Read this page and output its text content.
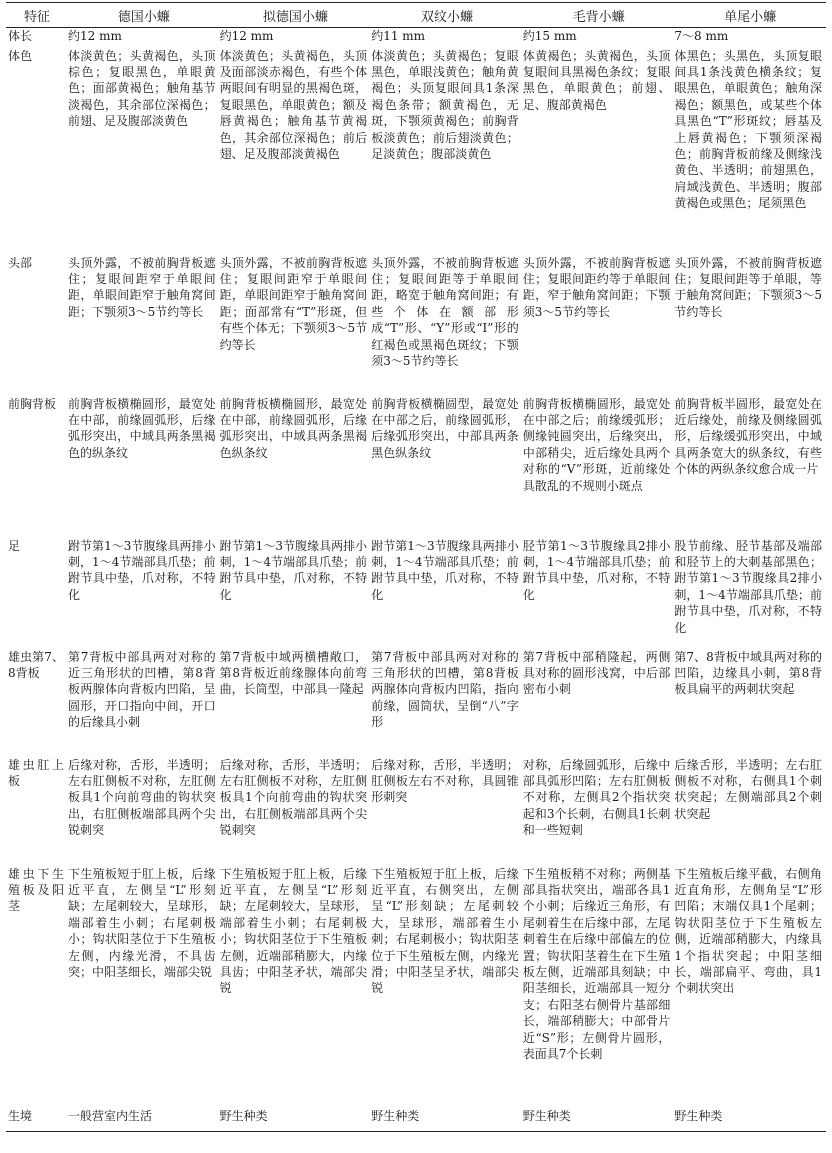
特征	德国小蠊	拟德国小蠊	双纹小蠊	毛背小蠊	单尾小蠊
体长	约12 mm	约12 mm	约11 mm	约15 mm	7～8 mm
体色	体淡黄色；头黄褐色，头顶棕色；复眼黑色，单眼黄色；面部黄褐色；触角基节淡褐色，其余部位深褐色；前翅、足及腹部淡黄色	体淡黄色；头黄褐色，头顶及面部淡赤褐色，有些个体两眼间有明显的黑褐色斑，复眼黑色，单眼黄色；额及唇黄褐色；触角基节黄褐色，其余部位深褐色；前后翅、足及腹部淡黄褐色	体淡黄色；头黄褐色；复眼黑色，单眼浅黄色；触角黄褐色；头顶复眼间具1条深褐色条带；额黄褐色，无斑，下颚须黄褐色；前胸背板淡黄色；前后翅淡黄色；足淡黄色；腹部淡黄色	体黄褐色；头黄褐色，头顶复眼间具黑褐色条纹；复眼黑色，单眼黄色；前翅、足、腹部黄褐色	体黑色；头黑色，头顶复眼间具1条浅黄色横条纹；复眼黑色，单眼黄色；触角深褐色；额黑色，或某些个体具黑色“T”形斑纹；唇基及上唇黄褐色；下颚须深褐色；前胸背板前缘及侧缘浅黄色、半透明；前翅黑色，肩域浅黄色、半透明；腹部黄褐色或黑色；尾须黑色
头部	头顶外露，不被前胸背板遮住；复眼间距窄于单眼间距，单眼间距窄于触角窝间距；下颚须3～5节约等长	头顶外露，不被前胸背板遮住；复眼间距窄于单眼间距，单眼间距窄于触角窝间距；面部常有“T”形斑，但有些个体无；下颚须3～5节约等长	头顶外露，不被前胸背板遮住；复眼间距等于单眼间距，略宽于触角窝间距；有些个体在额部形成“T”形、“Y”形或“I”形的红褐色或黑褐色斑纹；下颚须3～5节约等长	头顶外露，不被前胸背板遮住；复眼间距约等于单眼间距，窄于触角窝间距；下颚须3～5节约等长	头顶外露，不被前胸背板遮住；复眼间距等于单眼，等于触角窝间距；下颚须3～5节约等长
前胸背板	前胸背板横椭圆形，最宽处在中部，前缘圆弧形，后缘弧形突出，中域具两条黑褐色的纵条纹	前胸背板横椭圆形，最宽处在中部，前缘圆弧形，后缘弧形突出，中域具两条黑褐色纵条纹	前胸背板横椭圆型，最宽处在中部之后，前缘圆弧形，后缘弧形突出，中部具两条黑色纵条纹	前胸背板横椭圆形，最宽处在中部之后；前缘缓弧形；侧缘钝圆突出，后缘突出，中部稍尖，近后缘处具两个对称的“V”形斑，近前缘处具散乱的不规则小斑点	前胸背板半圆形，最宽处在近后缘处，前缘及侧缘圆弧形，后缘缓弧形突出，中域具两条宽大的纵条纹，有些个体的两纵条纹愈合成一片
足	跗节第1～3节腹缘具两排小刺，1～4节端部具爪垫；前跗节具中垫，爪对称，不特化	跗节第1～3节腹缘具两排小刺，1～4节端部具爪垫；前跗节具中垫，爪对称，不特化	跗节第1～3节腹缘具两排小刺，1～4节端部具爪垫；前跗节具中垫，爪对称，不特化	胫节第1～3节腹缘具2排小刺，1～4节端部具爪垫；前跗节具中垫，爪对称，不特化	股节前缘、胫节基部及端部和胫节上的大刺基部黑色；跗节第1～3节腹缘具2排小刺，1～4节端部具爪垫；前跗节具中垫，爪对称，不特化
雄虫第7、8背板	第7背板中部具两对对称的近三角形状的凹槽，第8背板两腺体向背板内凹陷，呈圆形，开口指向中间，开口的后缘具小刺	第7背板中域两横槽敞口，第8背板近前缘腺体向前弯曲，长筒型，中部具一隆起	第7背板中部具两对对称的三角形状的凹槽，第8背板两腺体向背板内凹陷，指向前缘，圆筒状，呈倒“八”字形	第7背板中部稍隆起，两侧具对称的圆形浅窝，中后部密布小刺	第7、8背板中域具两对称的凹陷，边缘具小刺，第8背板具扁平的两刺状突起
雄虫肛上板	后缘对称，舌形，半透明；左右肛侧板不对称，左肛侧板具1个向前弯曲的钩状突出，右肛侧板端部具两个尖锐刺突	后缘对称，舌形，半透明；左右肛侧板不对称，左肛侧板具1个向前弯曲的钩状突出，右肛侧板端部具两个尖锐刺突	后缘对称，舌形，半透明；肛侧板左右不对称，具圆锥形刺突	对称，后缘圆弧形，后缘中部具弧形凹陷；左右肛侧板不对称，左侧具2个指状突起和3个长刺，右侧具1长刺和一些短刺	后缘舌形，半透明；左右肛侧板不对称，右侧具1个刺状突起；左侧端部具2个刺状突起
雄虫下生殖板及阳茎	下生殖板短于肛上板，后缘近平直，左侧呈“L”形刻缺；左尾刺较大，呈球形，端部着生小刺；右尾刺极小；钩状阳茎位于下生殖板左侧，内缘光滑，不具齿突；中阳茎细长，端部尖锐	下生殖板短于肛上板，后缘近平直，左侧呈“L”形刻缺；左尾刺较大，呈球形，端部着生小刺；右尾刺极小；钩状阳茎位于下生殖板左侧，近端部稍膨大，内缘具齿；中阳茎矛状，端部尖锐	下生殖板短于肛上板，后缘近平直，右侧突出，左侧呈“L”形刻缺；左尾刺较大，呈球形，端部着生小刺；右尾刺极小；钩状阳茎位于下生殖板左侧，内缘光滑；中阳茎呈矛状，端部尖锐	下生殖板稍不对称；两侧基部具指状突出，端部各具1个小刺；后缘近三角形，有尾刺着生在后缘中部，左尾刺着生在后缘中部偏左的位置；钩状阳茎着生在下生殖板左侧，近端部具刻缺；中阳茎细长，近端部具一短分支；右阳茎右侧骨片基部细长，端部稍膨大；中部骨片近“S”形；左侧骨片圆形，表面具7个长刺	下生殖板后缘平截，右侧角近直角形，左侧角呈“L”形凹陷；末端仅具1个尾刺；钩状阳茎位于下生殖板左侧，近端部稍膨大，内缘具1个指状突起；中阳茎细长，端部扁平、弯曲，具1个刺状突出
生境	一般营室内生活	野生种类	野生种类	野生种类	野生种类
